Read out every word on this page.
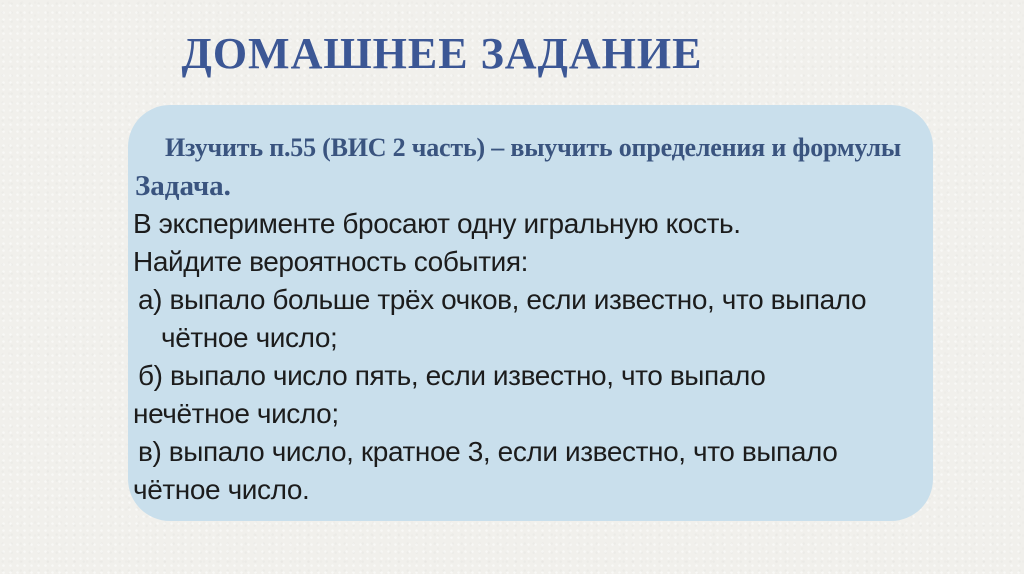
ДОМАШНЕЕ ЗАДАНИЕ
Изучить п.55 (ВИС 2 часть) – выучить определения и формулы
Задача.
В эксперименте бросают одну игральную кость.
Найдите вероятность события:
а) выпало больше трёх очков, если известно, что выпало
чётное число;
б) выпало число пять, если известно, что выпало
нечётное число;
в) выпало число, кратное 3, если известно, что выпало
чётное число.
